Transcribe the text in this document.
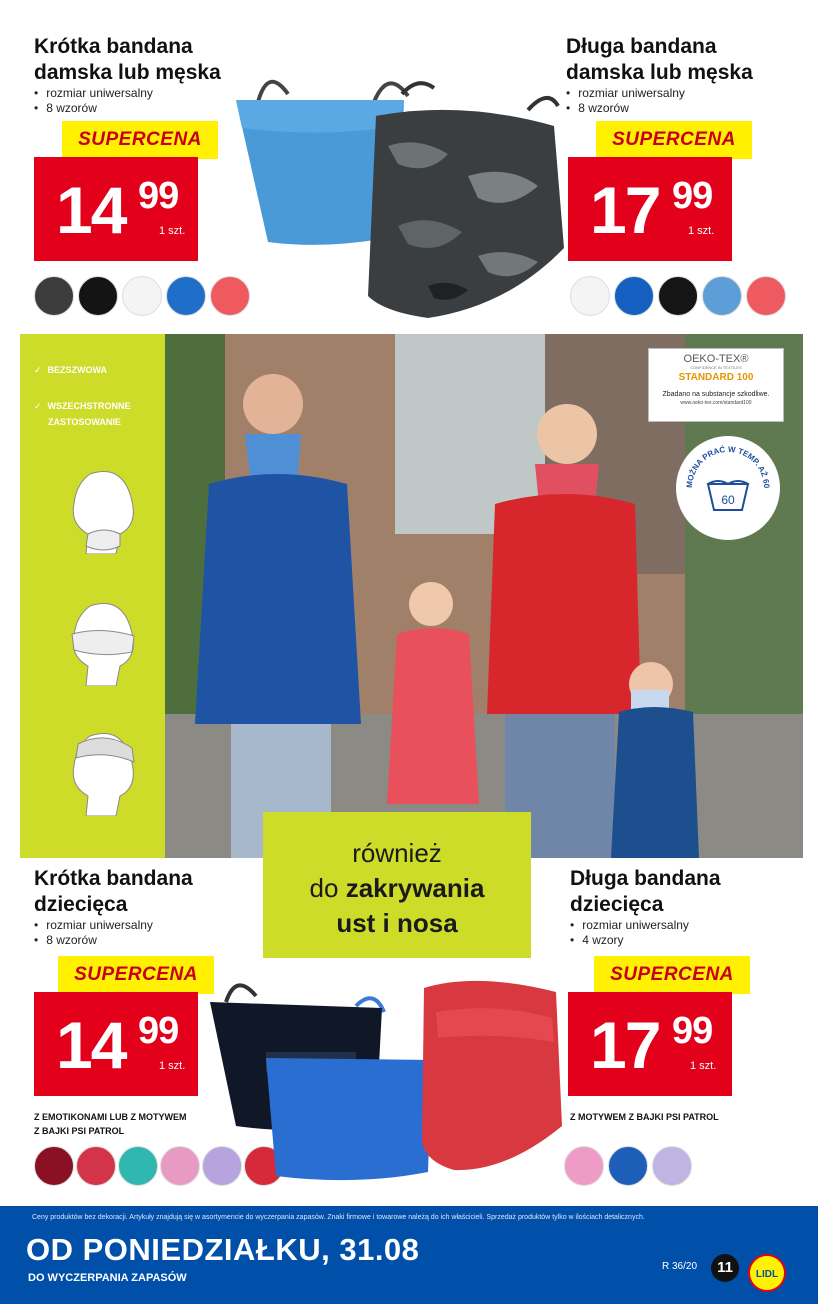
Krótka bandana
damska lub męska
• rozmiar uniwersalny
• 8 wzorów
SUPERCENA
14 99
1 szt.
Długa bandana
damska lub męska
• rozmiar uniwersalny
• 8 wzorów
SUPERCENA
17 99
1 szt.
✓ BEZSZWOWA
✓ WSZECHSTRONNE
ZASTOSOWANIE
OEKO-TEX®
CONFIDENCE IN TEXTILES
STANDARD 100
Zbadano na substancje szkodliwe.
www.oeko-tex.com/standard100
MOŻNA PRAĆ W TEMP. AŻ 60
60
również
do zakrywania
ust i nosa
Krótka bandana
dziecięca
• rozmiar uniwersalny
• 8 wzorów
SUPERCENA
14 99
1 szt.
Z EMOTIKONAMI LUB Z MOTYWEM
Z BAJKI PSI PATROL
Długa bandana
dziecięca
• rozmiar uniwersalny
• 4 wzory
SUPERCENA
17 99
1 szt.
Z MOTYWEM Z BAJKI PSI PATROL
Ceny produktów bez dekoracji. Artykuły znajdują się w asortymencie do wyczerpania zapasów. Znaki firmowe i towarowe należą do ich właścicieli. Sprzedaż produktów tylko w ilościach detalicznych.
OD PONIEDZIAŁKU, 31.08
DO WYCZERPANIA ZAPASÓW
R 36/20	11	LIDL
